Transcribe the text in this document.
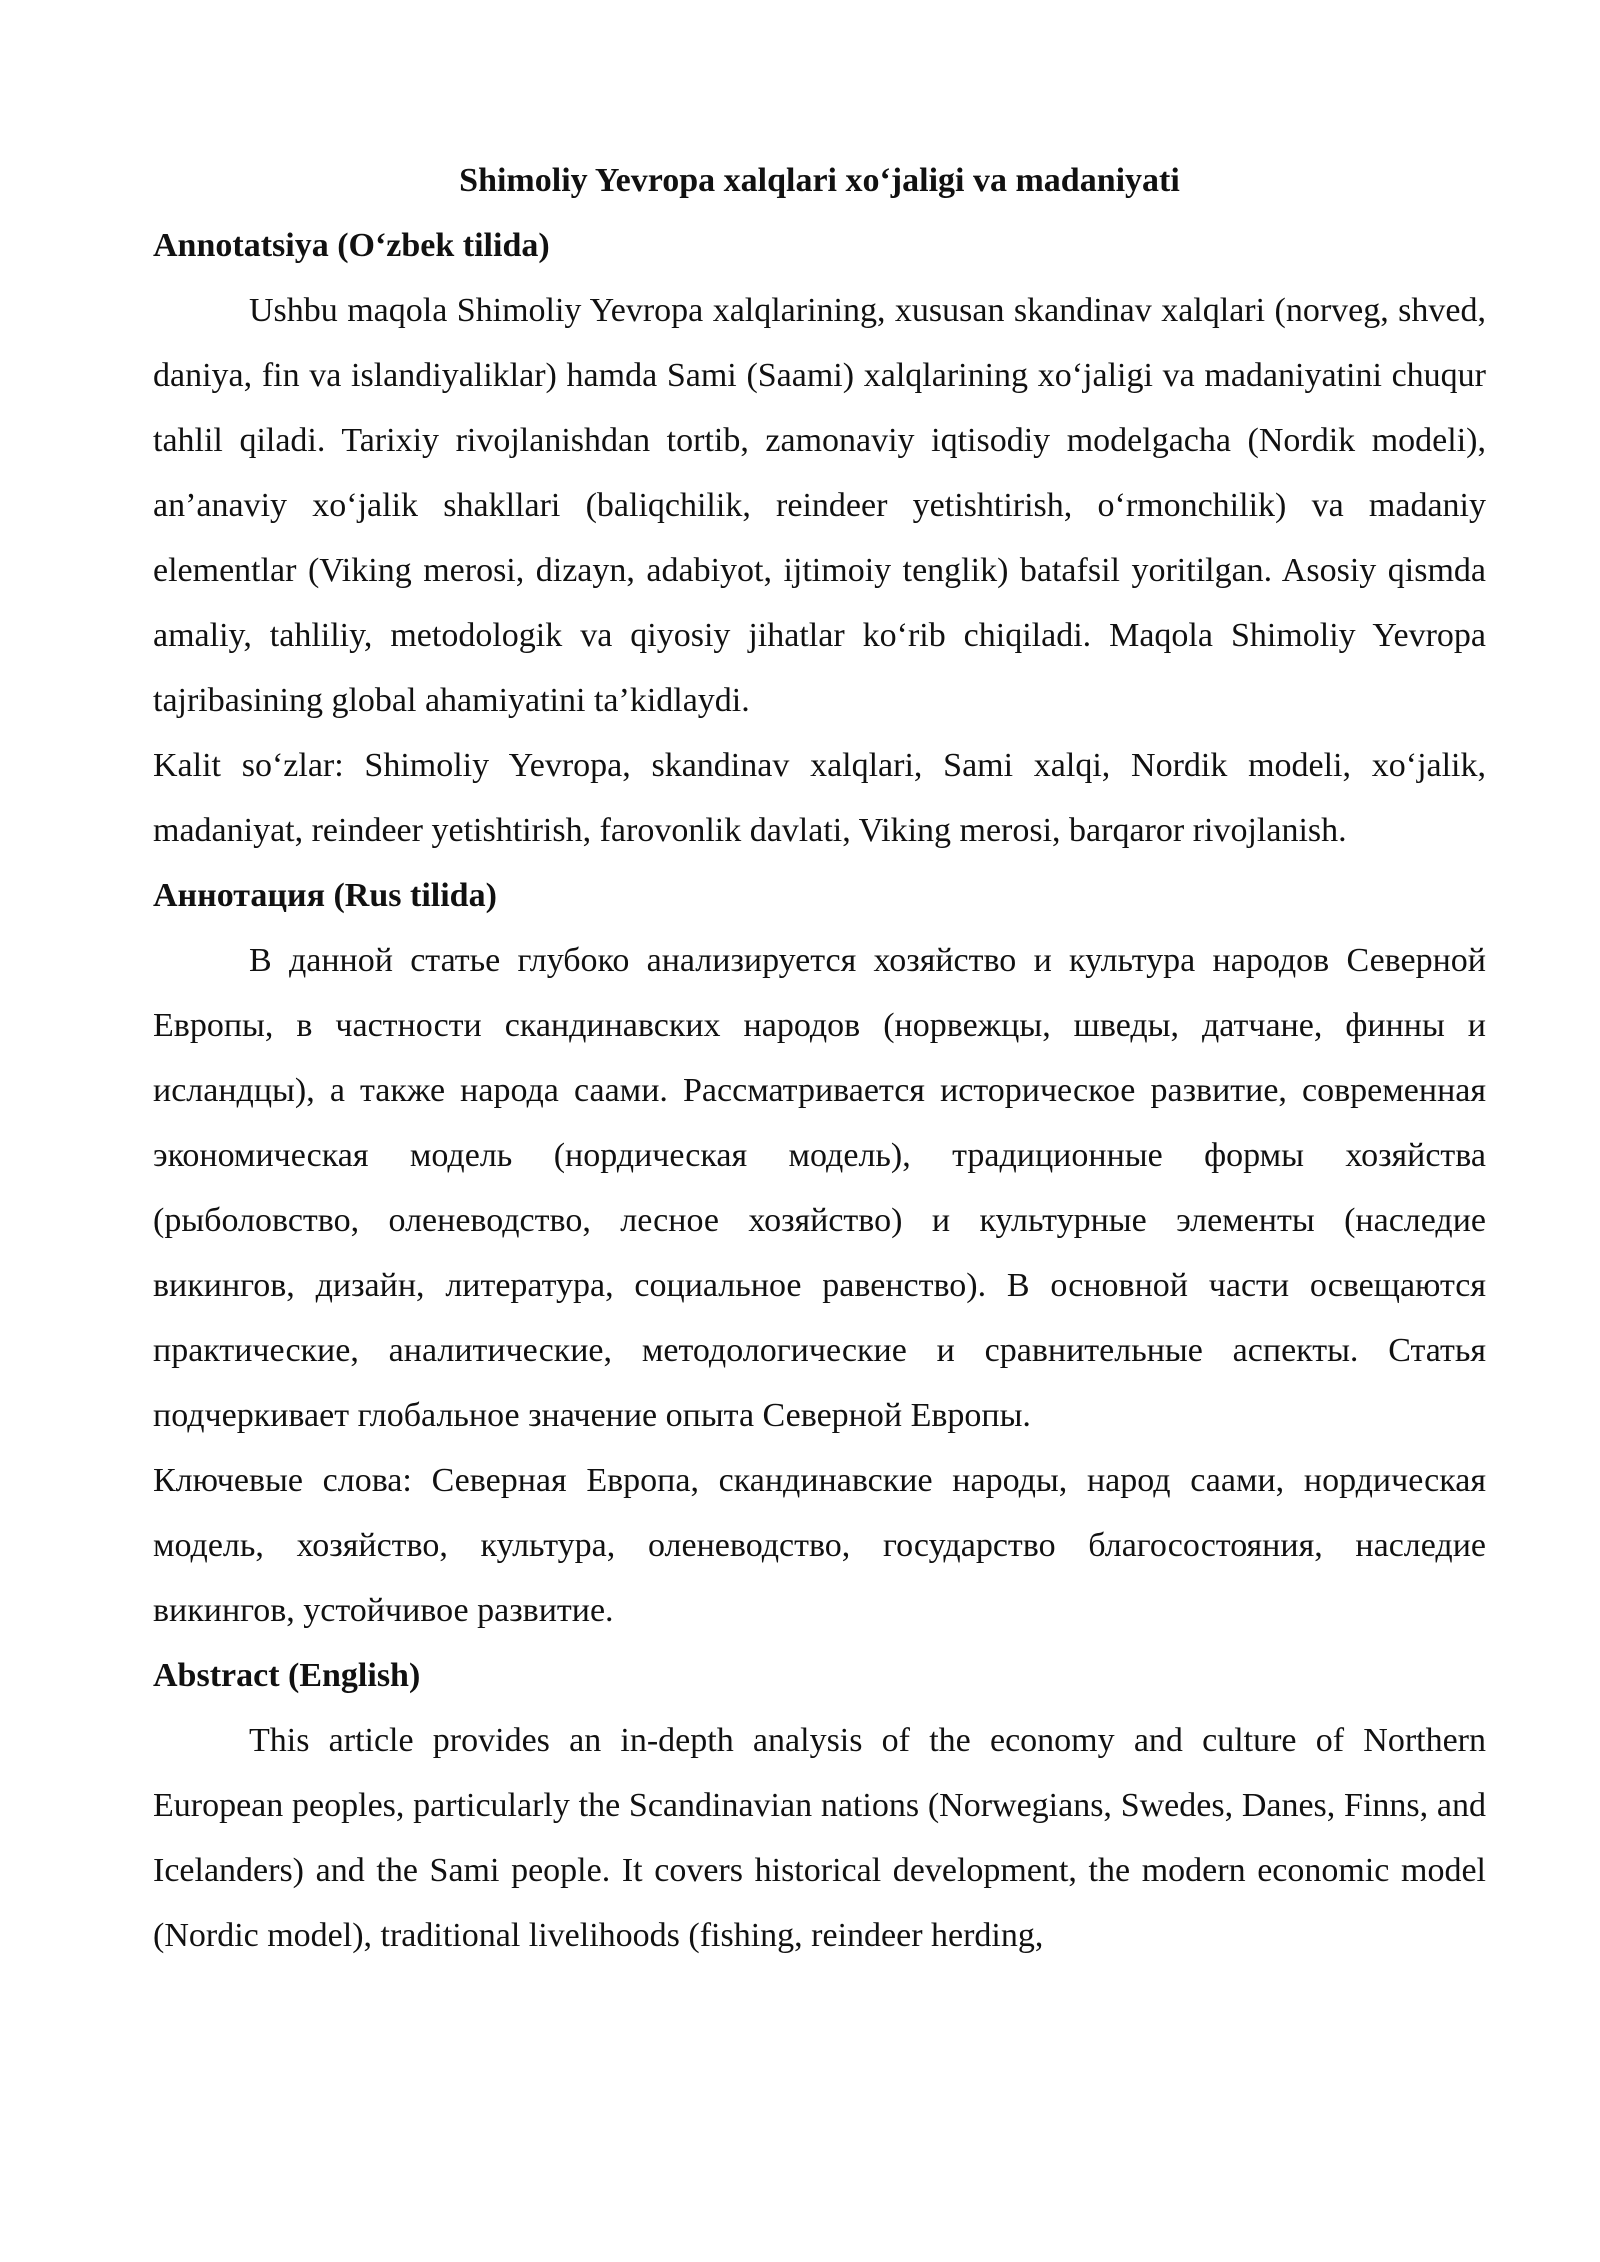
Shimoliy Yevropa xalqlari xo‘jaligi va madaniyati

Annotatsiya (O‘zbek tilida)

Ushbu maqola Shimoliy Yevropa xalqlarining, xususan skandinav xalqlari (norveg, shved, daniya, fin va islandiyaliklar) hamda Sami (Saami) xalqlarining xo‘jaligi va madaniyatini chuqur tahlil qiladi. Tarixiy rivojlanishdan tortib, zamonaviy iqtisodiy modelgacha (Nordik modeli), an’anaviy xo‘jalik shakllari (baliqchilik, reindeer yetishtirish, o‘rmonchilik) va madaniy elementlar (Viking merosi, dizayn, adabiyot, ijtimoiy tenglik) batafsil yoritilgan. Asosiy qismda amaliy, tahliliy, metodologik va qiyosiy jihatlar ko‘rib chiqiladi. Maqola Shimoliy Yevropa tajribasining global ahamiyatini ta’kidlaydi.

Kalit so‘zlar: Shimoliy Yevropa, skandinav xalqlari, Sami xalqi, Nordik modeli, xo‘jalik, madaniyat, reindeer yetishtirish, farovonlik davlati, Viking merosi, barqaror rivojlanish.

Аннотация (Rus tilida)

В данной статье глубоко анализируется хозяйство и культура народов Северной Европы, в частности скандинавских народов (норвежцы, шведы, датчане, финны и исландцы), а также народа саами. Рассматривается историческое развитие, современная экономическая модель (нордическая модель), традиционные формы хозяйства (рыболовство, оленеводство, лесное хозяйство) и культурные элементы (наследие викингов, дизайн, литература, социальное равенство). В основной части освещаются практические, аналитические, методологические и сравнительные аспекты. Статья подчеркивает глобальное значение опыта Северной Европы.

Ключевые слова: Северная Европа, скандинавские народы, народ саами, нордическая модель, хозяйство, культура, оленеводство, государство благосостояния, наследие викингов, устойчивое развитие.

Abstract (English)

This article provides an in-depth analysis of the economy and culture of Northern European peoples, particularly the Scandinavian nations (Norwegians, Swedes, Danes, Finns, and Icelanders) and the Sami people. It covers historical development, the modern economic model (Nordic model), traditional livelihoods (fishing, reindeer herding,
